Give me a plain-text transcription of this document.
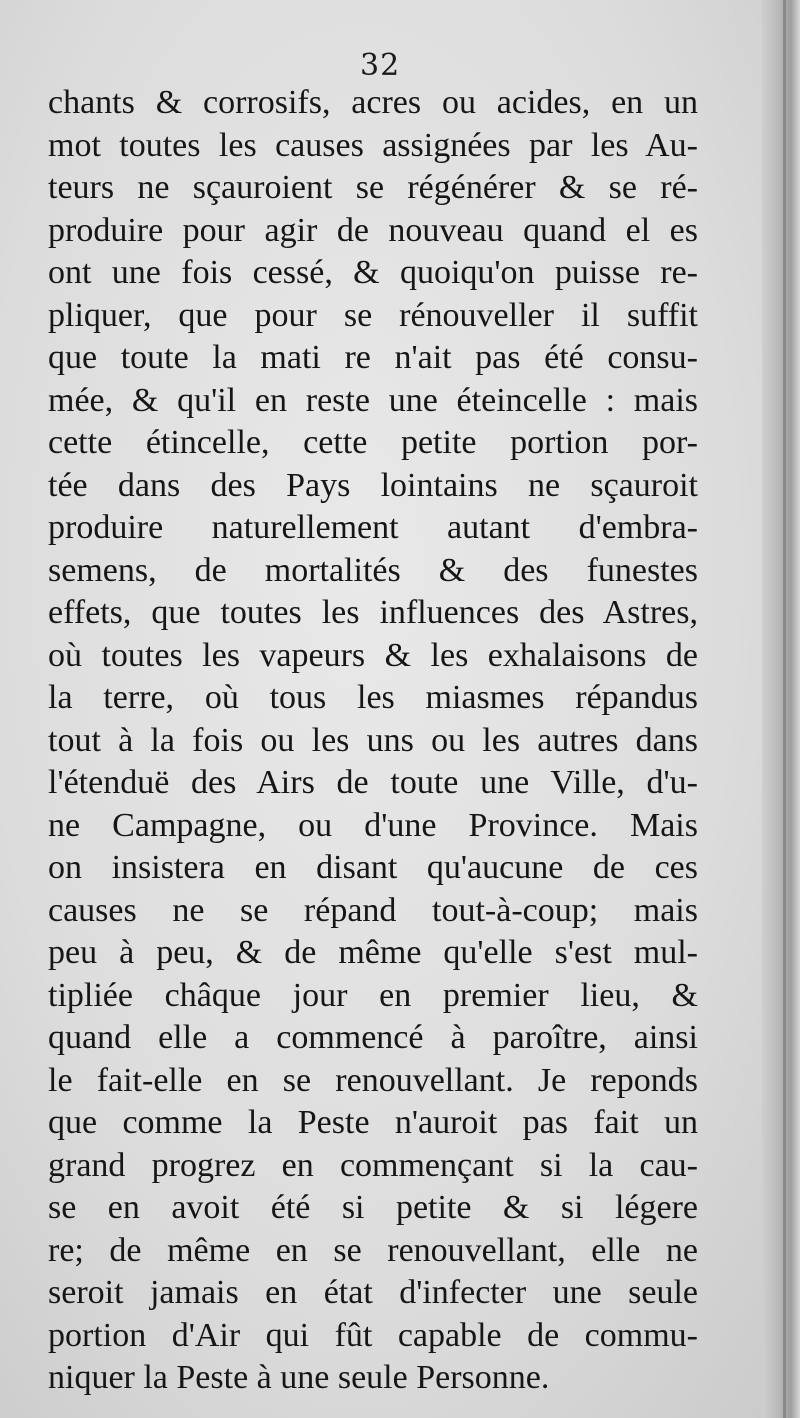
32
chants & corrosifs, acres ou acides, en un
mot toutes les causes assignées par les Au-
teurs ne sçauroient se régénérer & se ré-
produire pour agir de nouveau quand el es
ont une fois cessé, & quoiqu'on puisse re-
pliquer, que pour se rénouveller il suffit
que toute la mati re n'ait pas été consu-
mée, & qu'il en reste une éteincelle : mais
cette étincelle, cette petite portion por-
tée dans des Pays lointains ne sçauroit
produire naturellement autant d'embra-
semens, de mortalités & des funestes
effets, que toutes les influences des Astres,
où toutes les vapeurs & les exhalaisons de
la terre, où tous les miasmes répandus
tout à la fois ou les uns ou les autres dans
l'étenduë des Airs de toute une Ville, d'u-
ne Campagne, ou d'une Province. Mais
on insistera en disant qu'aucune de ces
causes ne se répand tout-à-coup; mais
peu à peu, & de même qu'elle s'est mul-
tipliée châque jour en premier lieu, &
quand elle a commencé à paroître, ainsi
le fait-elle en se renouvellant. Je reponds
que comme la Peste n'auroit pas fait un
grand progrez en commençant si la cau-
se en avoit été si petite & si légere
re; de même en se renouvellant, elle ne
seroit jamais en état d'infecter une seule
portion d'Air qui fût capable de commu-
niquer la Peste à une seule Personne.
